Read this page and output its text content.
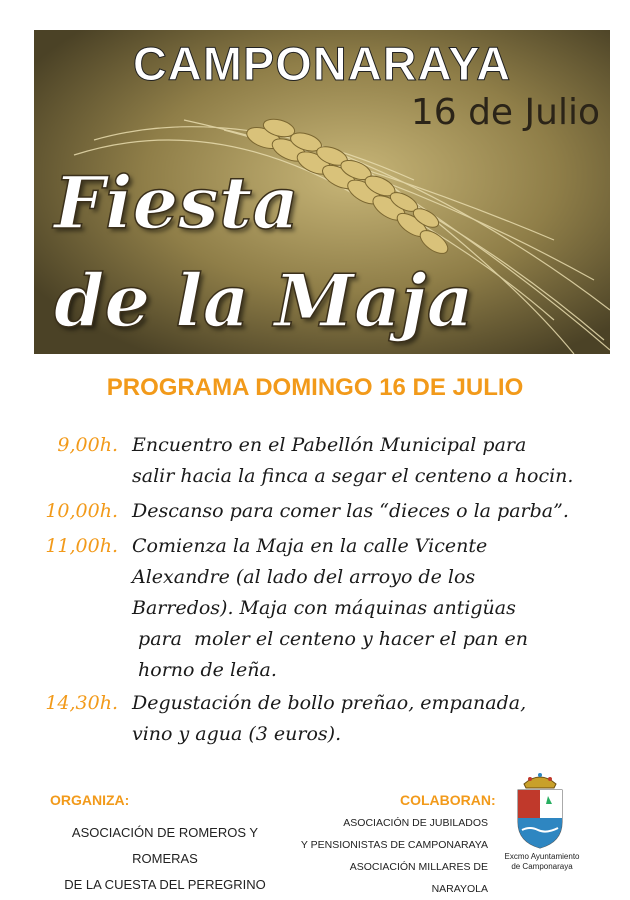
CAMPONARAYA
16 de Julio
Fiesta
de la Maja
PROGRAMA DOMINGO 16 DE JULIO
9,00h. Encuentro en el Pabellón Municipal para
salir hacia la finca a segar el centeno a hocin.
10,00h. Descanso para comer las “dieces o la parba”.
11,00h. Comienza la Maja en la calle Vicente
Alexandre (al lado del arroyo de los
Barredos). Maja con máquinas antigüas
para  moler el centeno y hacer el pan en
horno de leña.
14,30h. Degustación de bollo preñao, empanada,
vino y agua (3 euros).
ORGANIZA:
ASOCIACIÓN DE ROMEROS Y ROMERAS
DE LA CUESTA DEL PEREGRINO
COLABORAN:
ASOCIACIÓN DE JUBILADOS
Y PENSIONISTAS DE CAMPONARAYA
ASOCIACIÓN MILLARES DE NARAYOLA
Excmo Ayuntamiento
de Camponaraya
